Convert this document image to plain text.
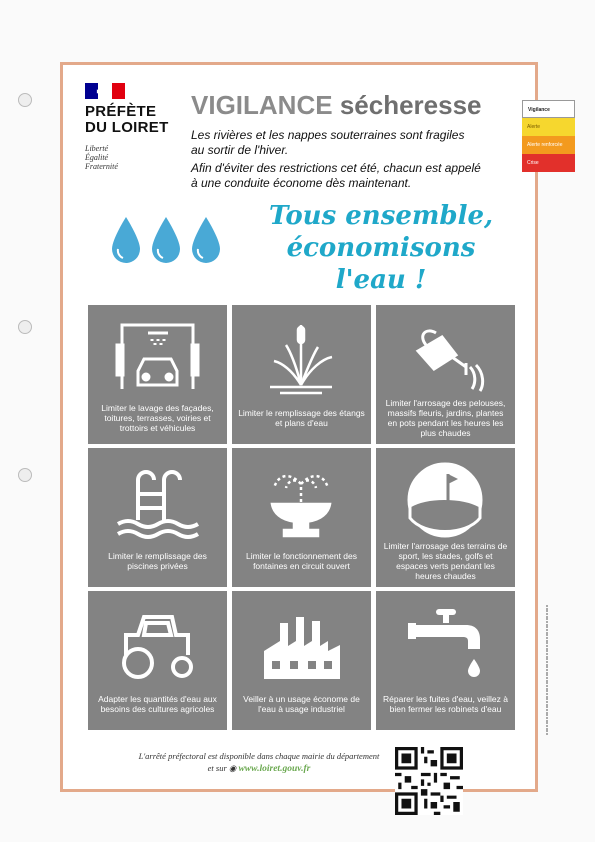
◗
PRÉFÈTE
DU LOIRET
Liberté
Égalité
Fraternité
VIGILANCE sécheresse

Les rivières et les nappes souterraines sont fragiles au sortir de l'hiver.

Afin d'éviter des restrictions cet été, chacun est appelé à une conduite économe dès maintenant.

Tous ensemble, économisons l'eau !
Limiter le lavage des façades, toitures, terrasses, voiries et trottoirs et véhicules
Limiter le remplissage des étangs et plans d'eau
Limiter l'arrosage des pelouses, massifs fleuris, jardins, plantes en pots pendant les heures les plus chaudes
Limiter le remplissage des piscines privées
Limiter le fonctionnement des fontaines en circuit ouvert
Limiter l'arrosage des terrains de sport, les stades, golfs et espaces verts pendant les heures chaudes
Adapter les quantités d'eau aux besoins des cultures agricoles
Veiller à un usage économe de l'eau à usage industriel
Réparer les fuites d'eau, veillez à bien fermer les robinets d'eau
L'arrêté préfectoral est disponible dans chaque mairie du département
et sur ◉ www.loiret.gouv.fr
Vigilance
Alerte
Alerte renforcée
Crise
